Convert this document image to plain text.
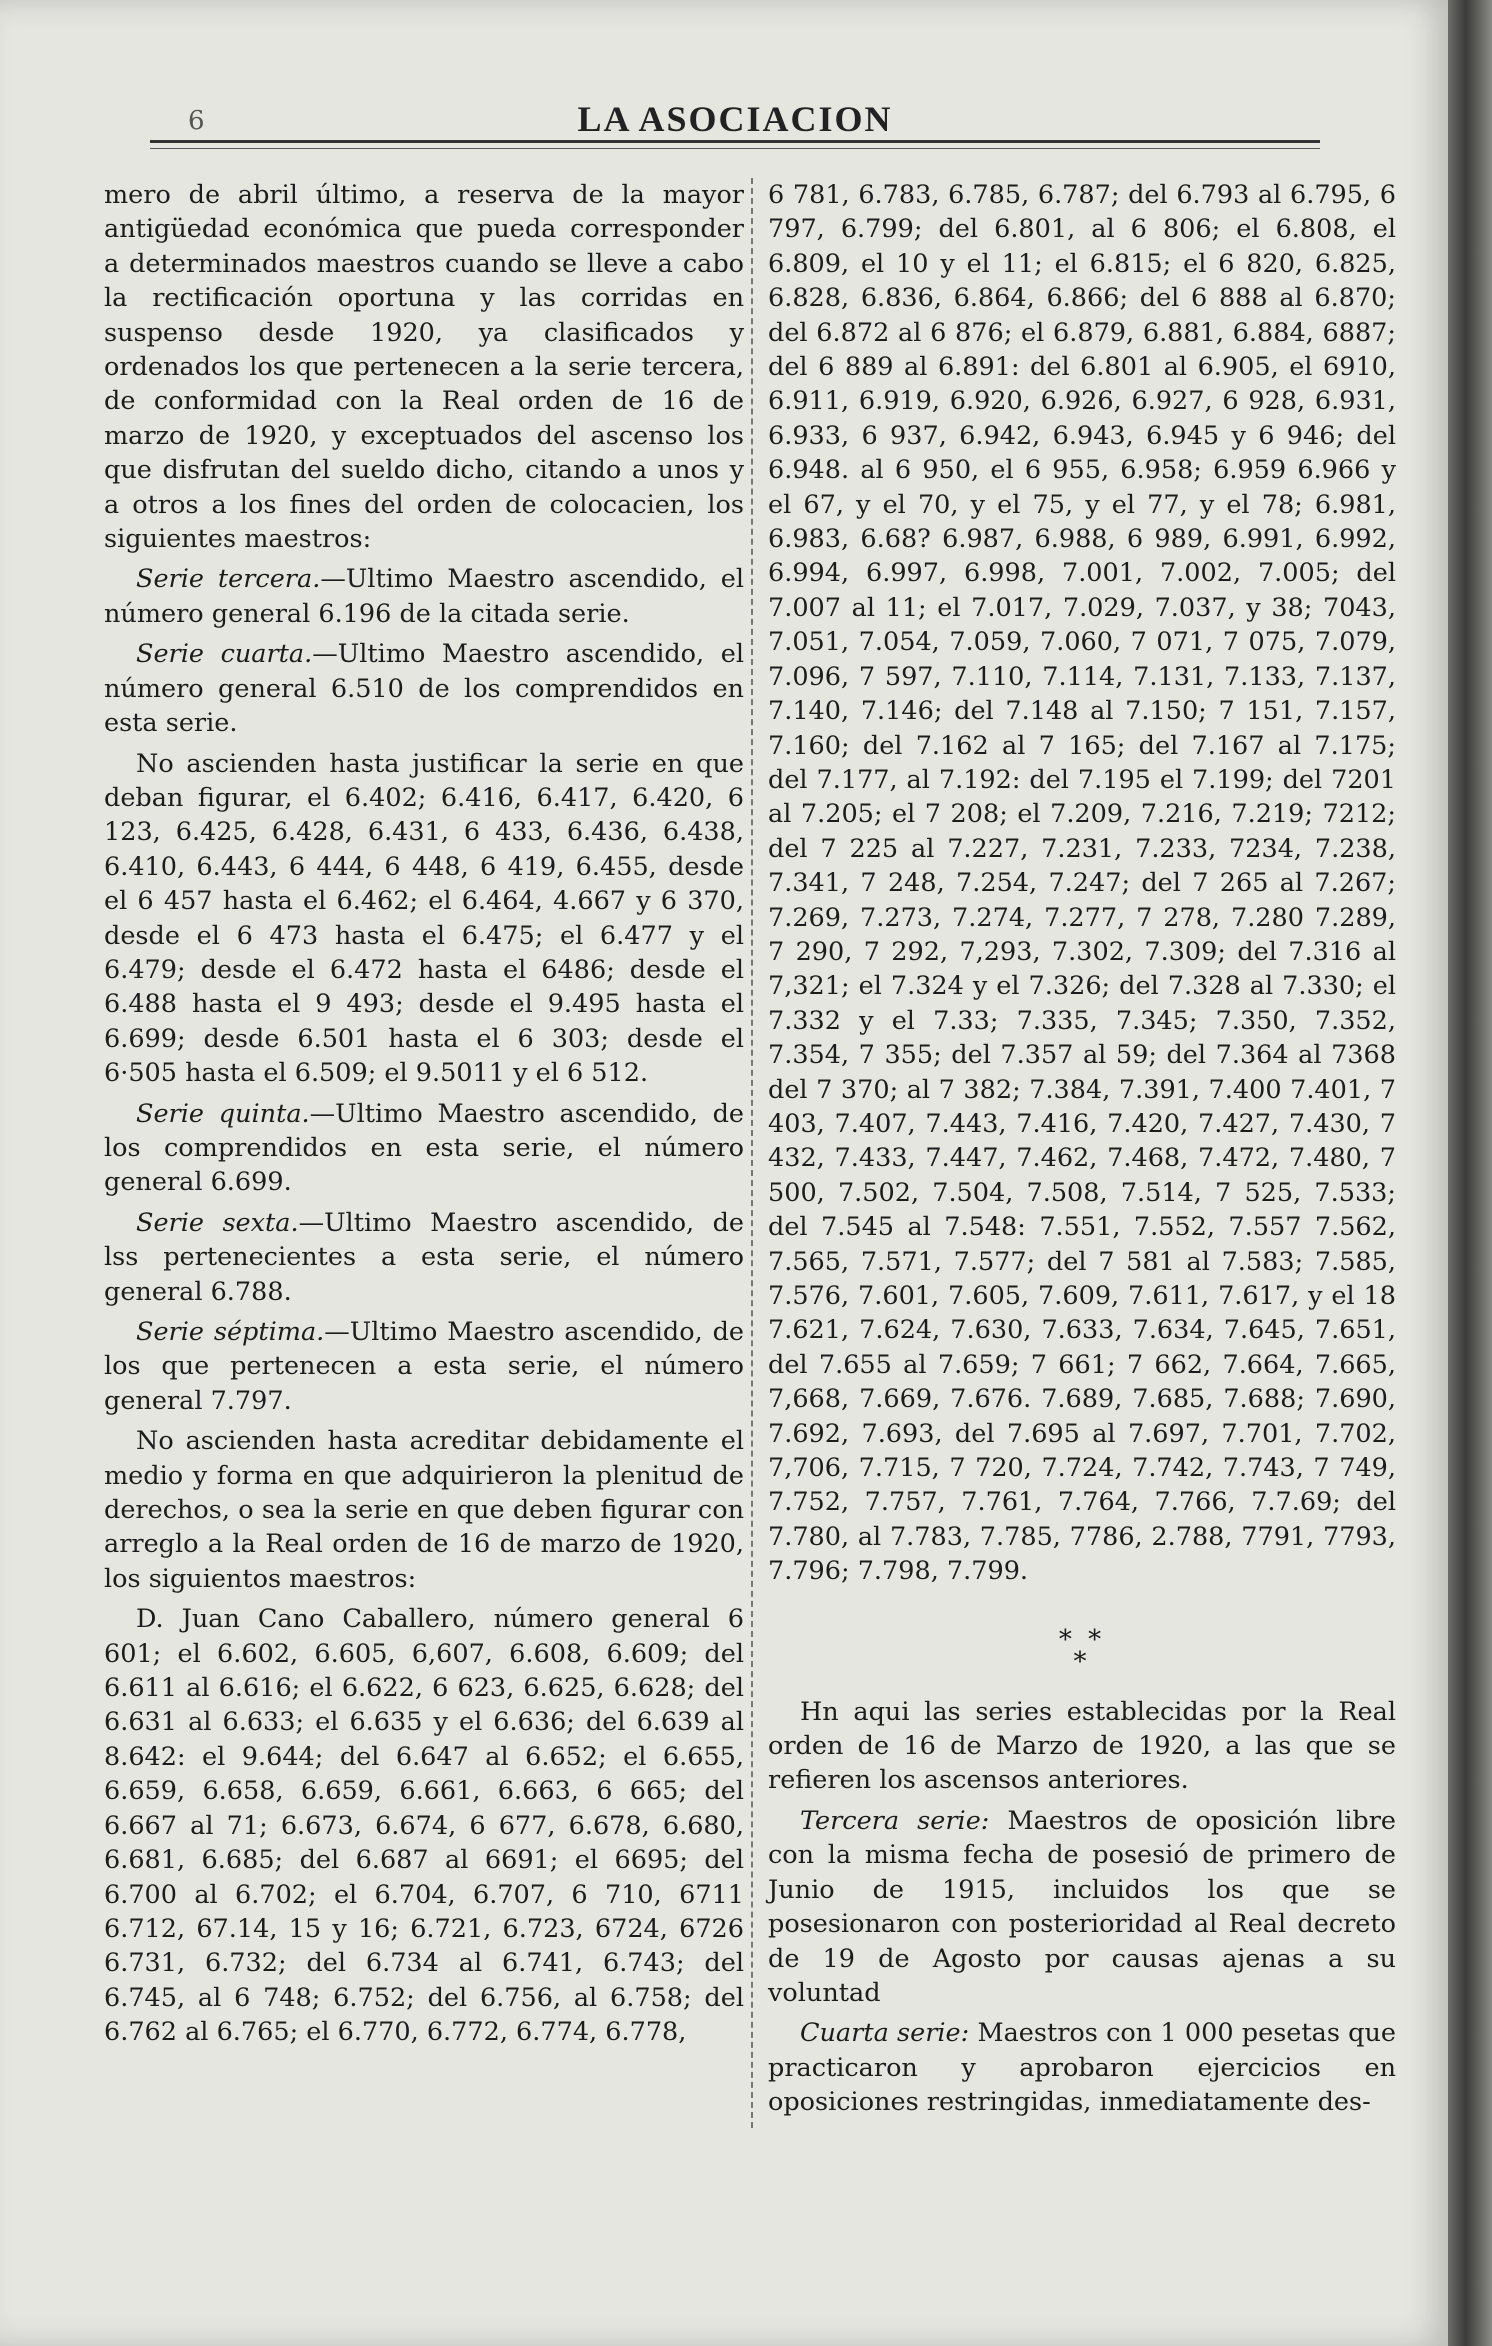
6	LA ASOCIACION

mero de abril último, a reserva de la mayor antigüedad económica que pueda corresponder a determinados maestros cuando se lleve a cabo la rectificación oportuna y las corridas en suspenso desde 1920, ya clasificados y ordenados los que pertenecen a la serie tercera, de conformidad con la Real orden de 16 de marzo de 1920, y exceptuados del ascenso los que disfrutan del sueldo dicho, citando a unos y a otros a los fines del orden de colocacien, los siguientes maestros:

Serie tercera.—Ultimo Maestro ascendido, el número general 6.196 de la citada serie.

Serie cuarta.—Ultimo Maestro ascendido, el número general 6.510 de los comprendidos en esta serie.

No ascienden hasta justificar la serie en que deban figurar, el 6.402; 6.416, 6.417, 6.420, 6 123, 6.425, 6.428, 6.431, 6 433, 6.436, 6.438, 6.410, 6.443, 6 444, 6 448, 6 419, 6.455, desde el 6 457 hasta el 6.462; el 6.464, 4.667 y 6 370, desde el 6 473 hasta el 6.475; el 6.477 y el 6.479; desde el 6.472 hasta el 6486; desde el 6.488 hasta el 9 493; desde el 9.495 hasta el 6.699; desde 6.501 hasta el 6 303; desde el 6·505 hasta el 6.509; el 9.5011 y el 6 512.

Serie quinta.—Ultimo Maestro ascendido, de los comprendidos en esta serie, el número general 6.699.

Serie sexta.—Ultimo Maestro ascendido, de lss pertenecientes a esta serie, el número general 6.788.

Serie séptima.—Ultimo Maestro ascendido, de los que pertenecen a esta serie, el número general 7.797.

No ascienden hasta acreditar debidamente el medio y forma en que adquirieron la plenitud de derechos, o sea la serie en que deben figurar con arreglo a la Real orden de 16 de marzo de 1920, los siguientos maestros:

D. Juan Cano Caballero, número general 6 601; el 6.602, 6.605, 6,607, 6.608, 6.609; del 6.611 al 6.616; el 6.622, 6 623, 6.625, 6.628; del 6.631 al 6.633; el 6.635 y el 6.636; del 6.639 al 8.642: el 9.644; del 6.647 al 6.652; el 6.655, 6.659, 6.658, 6.659, 6.661, 6.663, 6 665; del 6.667 al 71; 6.673, 6.674, 6 677, 6.678, 6.680, 6.681, 6.685; del 6.687 al 6691; el 6695; del 6.700 al 6.702; el 6.704, 6.707, 6 710, 6711 6.712, 67.14, 15 y 16; 6.721, 6.723, 6724, 6726 6.731, 6.732; del 6.734 al 6.741, 6.743; del 6.745, al 6 748; 6.752; del 6.756, al 6.758; del 6.762 al 6.765; el 6.770, 6.772, 6.774, 6.778,

6 781, 6.783, 6.785, 6.787; del 6.793 al 6.795, 6 797, 6.799; del 6.801, al 6 806; el 6.808, el 6.809, el 10 y el 11; el 6.815; el 6 820, 6.825, 6.828, 6.836, 6.864, 6.866; del 6 888 al 6.870; del 6.872 al 6 876; el 6.879, 6.881, 6.884, 6887; del 6 889 al 6.891: del 6.801 al 6.905, el 6910, 6.911, 6.919, 6.920, 6.926, 6.927, 6 928, 6.931, 6.933, 6 937, 6.942, 6.943, 6.945 y 6 946; del 6.948. al 6 950, el 6 955, 6.958; 6.959 6.966 y el 67, y el 70, y el 75, y el 77, y el 78; 6.981, 6.983, 6.68? 6.987, 6.988, 6 989, 6.991, 6.992, 6.994, 6.997, 6.998, 7.001, 7.002, 7.005; del 7.007 al 11; el 7.017, 7.029, 7.037, y 38; 7043, 7.051, 7.054, 7.059, 7.060, 7 071, 7 075, 7.079, 7.096, 7 597, 7.110, 7.114, 7.131, 7.133, 7.137, 7.140, 7.146; del 7.148 al 7.150; 7 151, 7.157, 7.160; del 7.162 al 7 165; del 7.167 al 7.175; del 7.177, al 7.192: del 7.195 el 7.199; del 7201 al 7.205; el 7 208; el 7.209, 7.216, 7.219; 7212; del 7 225 al 7.227, 7.231, 7.233, 7234, 7.238, 7.341, 7 248, 7.254, 7.247; del 7 265 al 7.267; 7.269, 7.273, 7.274, 7.277, 7 278, 7.280 7.289, 7 290, 7 292, 7,293, 7.302, 7.309; del 7.316 al 7,321; el 7.324 y el 7.326; del 7.328 al 7.330; el 7.332 y el 7.33; 7.335, 7.345; 7.350, 7.352, 7.354, 7 355; del 7.357 al 59; del 7.364 al 7368 del 7 370; al 7 382; 7.384, 7.391, 7.400 7.401, 7 403, 7.407, 7.443, 7.416, 7.420, 7.427, 7.430, 7 432, 7.433, 7.447, 7.462, 7.468, 7.472, 7.480, 7 500, 7.502, 7.504, 7.508, 7.514, 7 525, 7.533; del 7.545 al 7.548: 7.551, 7.552, 7.557 7.562, 7.565, 7.571, 7.577; del 7 581 al 7.583; 7.585, 7.576, 7.601, 7.605, 7.609, 7.611, 7.617, y el 18 7.621, 7.624, 7.630, 7.633, 7.634, 7.645, 7.651, del 7.655 al 7.659; 7 661; 7 662, 7.664, 7.665, 7,668, 7.669, 7.676. 7.689, 7.685, 7.688; 7.690, 7.692, 7.693, del 7.695 al 7.697, 7.701, 7.702, 7,706, 7.715, 7 720, 7.724, 7.742, 7.743, 7 749, 7.752, 7.757, 7.761, 7.764, 7.766, 7.7.69; del 7.780, al 7.783, 7.785, 7786, 2.788, 7791, 7793, 7.796; 7.798, 7.799.

* *
*

Hn aqui las series establecidas por la Real orden de 16 de Marzo de 1920, a las que se refieren los ascensos anteriores.

Tercera serie: Maestros de oposición libre con la misma fecha de posesió de primero de Junio de 1915, incluidos los que se posesionaron con posterioridad al Real decreto de 19 de Agosto por causas ajenas a su voluntad

Cuarta serie: Maestros con 1 000 pesetas que practicaron y aprobaron ejercicios en oposiciones restringidas, inmediatamente des-
